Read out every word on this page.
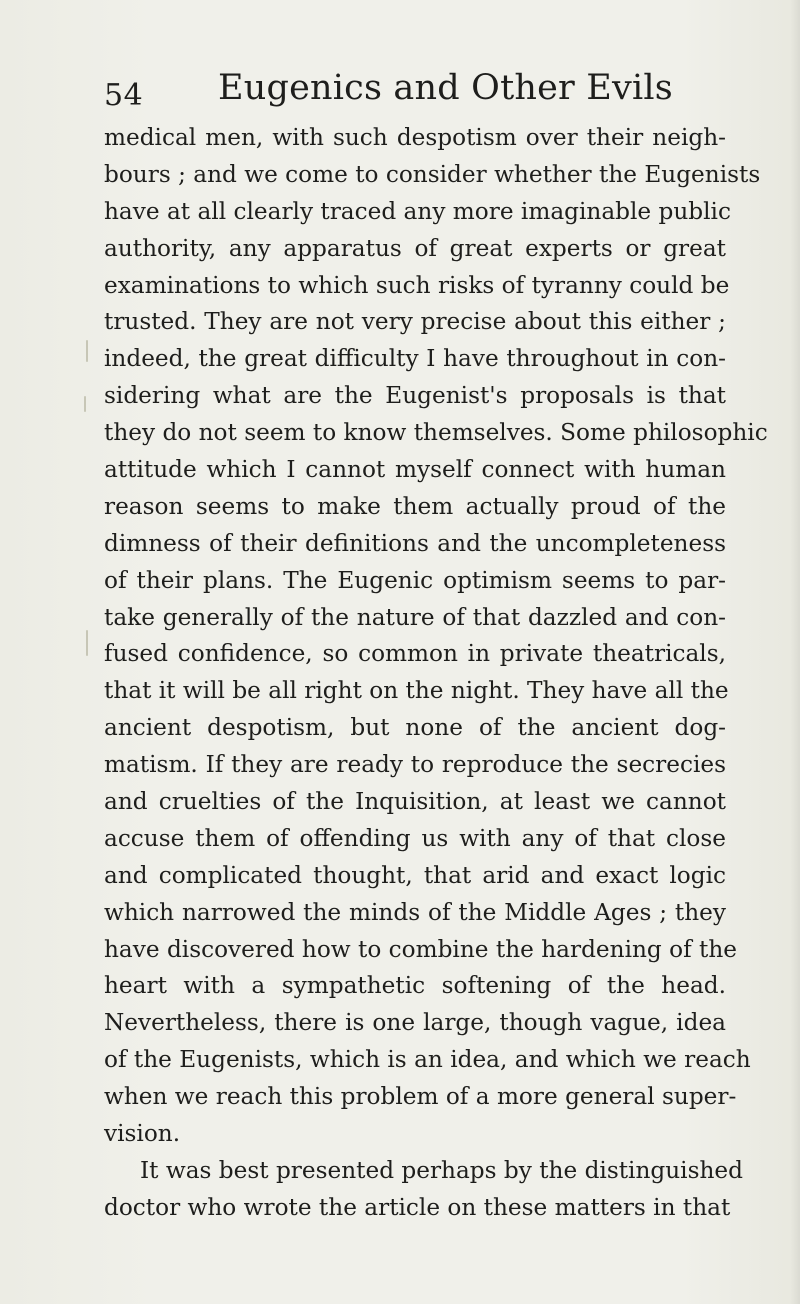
54 Eugenics and Other Evils
medical men, with such despotism over their neigh-
bours ; and we come to consider whether the Eugenists
have at all clearly traced any more imaginable public
authority, any apparatus of great experts or great
examinations to which such risks of tyranny could be
trusted. They are not very precise about this either ;
indeed, the great difficulty I have throughout in con-
sidering what are the Eugenist's proposals is that
they do not seem to know themselves. Some philosophic
attitude which I cannot myself connect with human
reason seems to make them actually proud of the
dimness of their definitions and the uncompleteness
of their plans. The Eugenic optimism seems to par-
take generally of the nature of that dazzled and con-
fused confidence, so common in private theatricals,
that it will be all right on the night. They have all the
ancient despotism, but none of the ancient dog-
matism. If they are ready to reproduce the secrecies
and cruelties of the Inquisition, at least we cannot
accuse them of offending us with any of that close
and complicated thought, that arid and exact logic
which narrowed the minds of the Middle Ages ; they
have discovered how to combine the hardening of the
heart with a sympathetic softening of the head.
Nevertheless, there is one large, though vague, idea
of the Eugenists, which is an idea, and which we reach
when we reach this problem of a more general super-
vision.
It was best presented perhaps by the distinguished
doctor who wrote the article on these matters in that
